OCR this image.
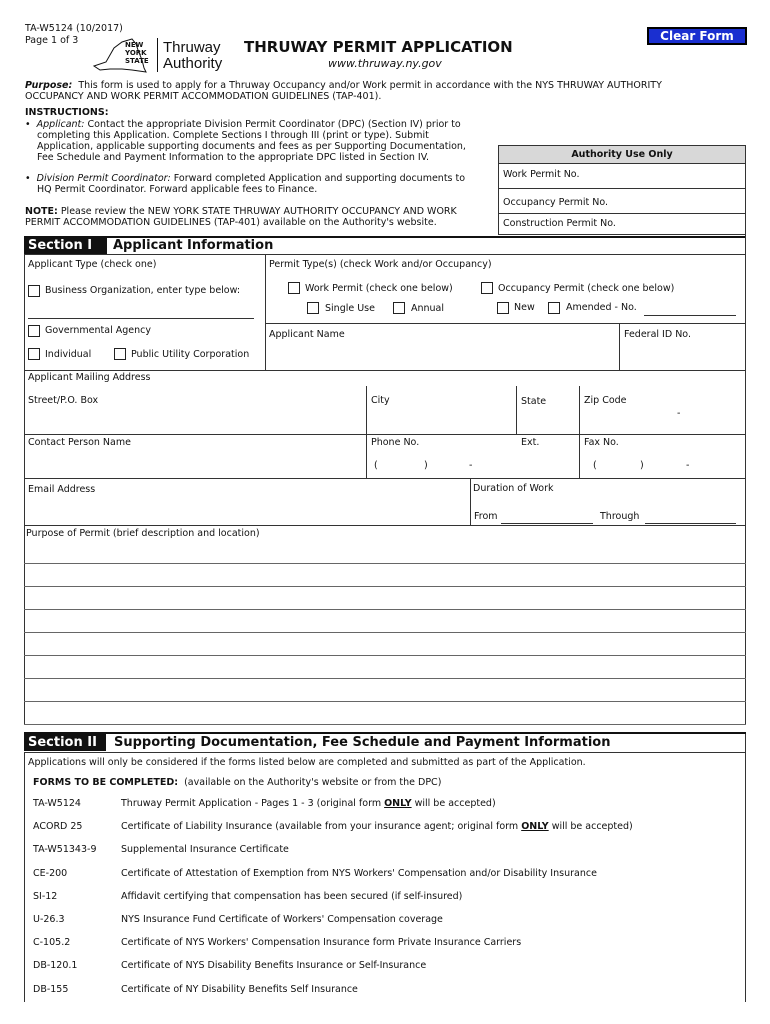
TA-W5124 (10/2017)
Page 1 of 3	NEW
YORK
STATE
Thruway
Authority
THRUWAY PERMIT APPLICATION
www.thruway.ny.gov
Clear Form
Purpose: This form is used to apply for a Thruway Occupancy and/or Work permit in accordance with the NYS THRUWAY AUTHORITY
OCCUPANCY AND WORK PERMIT ACCOMMODATION GUIDELINES (TAP-401).
INSTRUCTIONS:
•  Applicant: Contact the appropriate Division Permit Coordinator (DPC) (Section IV) prior to
completing this Application. Complete Sections I through III (print or type). Submit
Application, applicable supporting documents and fees as per Supporting Documentation,
Fee Schedule and Payment Information to the appropriate DPC listed in Section IV.
•  Division Permit Coordinator: Forward completed Application and supporting documents to
HQ Permit Coordinator. Forward applicable fees to Finance.
NOTE: Please review the NEW YORK STATE THRUWAY AUTHORITY OCCUPANCY AND WORK
PERMIT ACCOMMODATION GUIDELINES (TAP-401) available on the Authority's website.
Authority Use Only
Work Permit No.
Occupancy Permit No.
Construction Permit No.
Section I	Applicant Information
Applicant Type (check one)	Permit Type(s) (check Work and/or Occupancy)
Business Organization, enter type below:	Work Permit (check one below)	Occupancy Permit (check one below)
Single Use	Annual	New	Amended - No.
Governmental Agency
Individual	Public Utility Corporation
Applicant Name	Federal ID No.
Applicant Mailing Address
Street/P.O. Box	City	State	Zip Code
-
Contact Person Name	Phone No.	Ext.	Fax No.
(	)	-	(	)	-
Email Address	Duration of Work
From	Through
Purpose of Permit (brief description and location)
Section II	Supporting Documentation, Fee Schedule and Payment Information
Applications will only be considered if the forms listed below are completed and submitted as part of the Application.
FORMS TO BE COMPLETED: (available on the Authority's website or from the DPC)
TA-W5124	Thruway Permit Application - Pages 1 - 3 (original form ONLY will be accepted)
ACORD 25	Certificate of Liability Insurance (available from your insurance agent; original form ONLY will be accepted)
TA-W51343-9	Supplemental Insurance Certificate
CE-200	Certificate of Attestation of Exemption from NYS Workers' Compensation and/or Disability Insurance
SI-12	Affidavit certifying that compensation has been secured (if self-insured)
U-26.3	NYS Insurance Fund Certificate of Workers' Compensation coverage
C-105.2	Certificate of NYS Workers' Compensation Insurance form Private Insurance Carriers
DB-120.1	Certificate of NYS Disability Benefits Insurance or Self-Insurance
DB-155	Certificate of NY Disability Benefits Self Insurance
